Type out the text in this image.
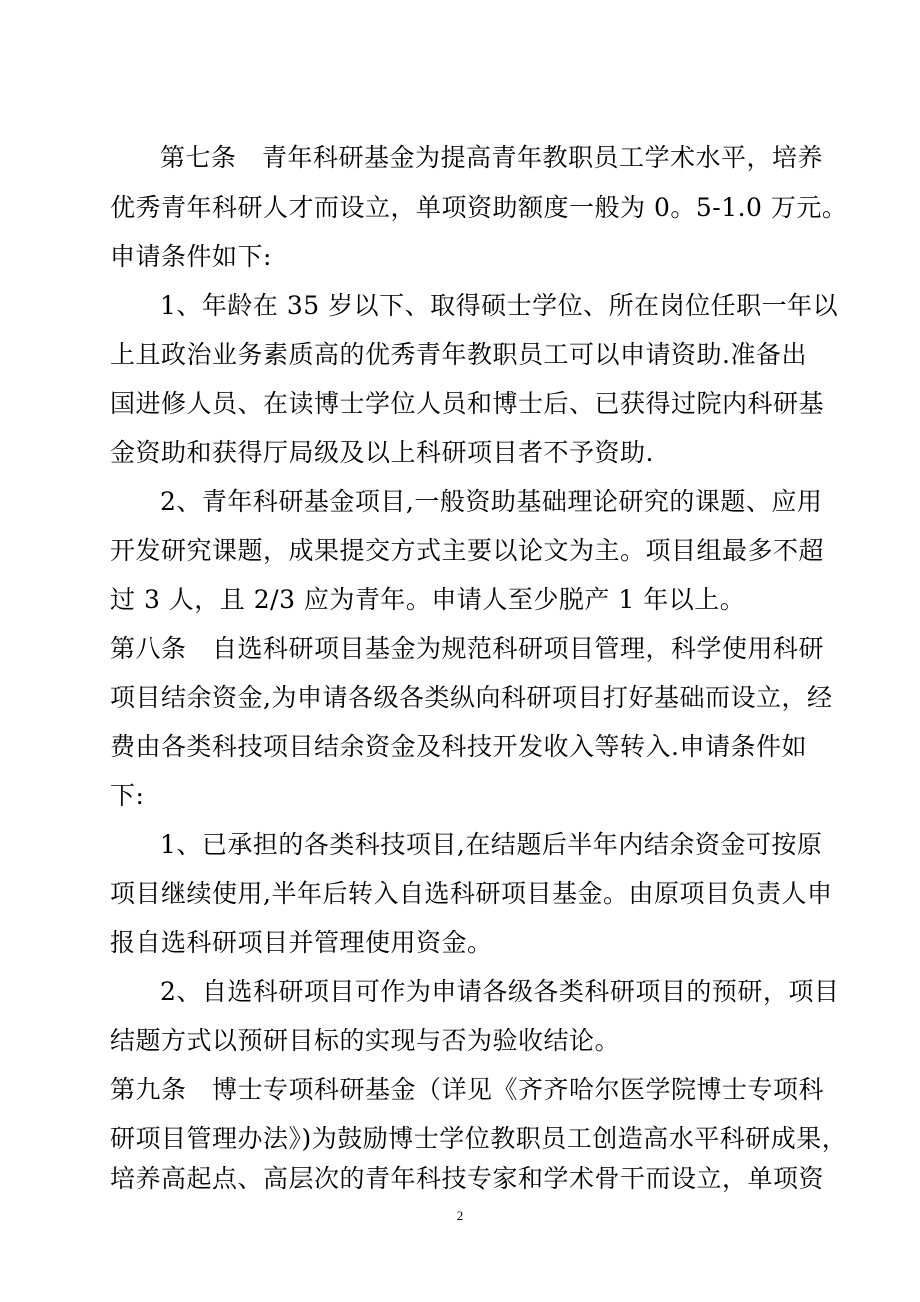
第七条　青年科研基金为提高青年教职员工学术水平，培养
优秀青年科研人才而设立，单项资助额度一般为 0。5-1.0 万元。
申请条件如下:
1、年龄在 35 岁以下、取得硕士学位、所在岗位任职一年以
上且政治业务素质高的优秀青年教职员工可以申请资助.准备出
国进修人员、在读博士学位人员和博士后、已获得过院内科研基
金资助和获得厅局级及以上科研项目者不予资助.
2、青年科研基金项目,一般资助基础理论研究的课题、应用
开发研究课题，成果提交方式主要以论文为主。项目组最多不超
过 3 人，且 2/3 应为青年。申请人至少脱产 1 年以上。
第八条　自选科研项目基金为规范科研项目管理，科学使用科研
项目结余资金,为申请各级各类纵向科研项目打好基础而设立，经
费由各类科技项目结余资金及科技开发收入等转入.申请条件如
下:
1、已承担的各类科技项目,在结题后半年内结余资金可按原
项目继续使用,半年后转入自选科研项目基金。由原项目负责人申
报自选科研项目并管理使用资金。
2、自选科研项目可作为申请各级各类科研项目的预研，项目
结题方式以预研目标的实现与否为验收结论。
第九条　博士专项科研基金（详见《齐齐哈尔医学院博士专项科
研项目管理办法》)为鼓励博士学位教职员工创造高水平科研成果，
培养高起点、高层次的青年科技专家和学术骨干而设立，单项资
2
